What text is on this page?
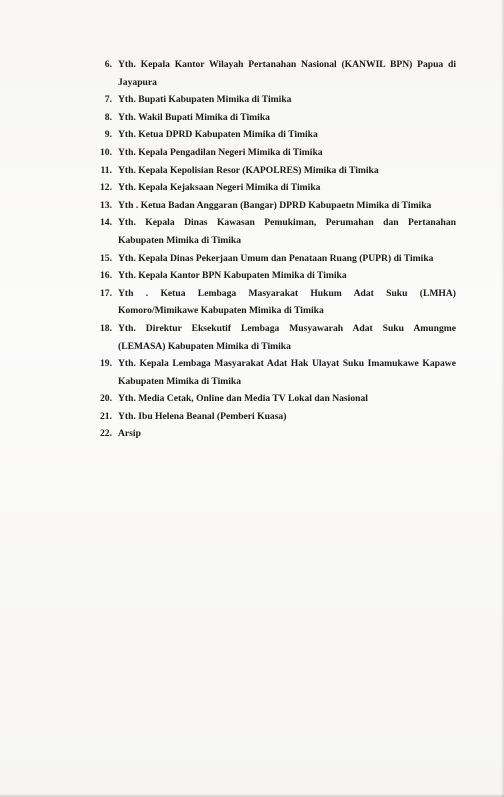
6. Yth. Kepala Kantor Wilayah Pertanahan Nasional (KANWIL BPN) Papua di
Jayapura
7. Yth. Bupati Kabupaten Mimika di Timika
8. Yth. Wakil Bupati Mimika di Timika
9. Yth. Ketua DPRD Kabupaten Mimika di Timika
10. Yth. Kepala Pengadilan Negeri Mimika di Timika
11. Yth. Kepala Kepolisian Resor (KAPOLRES) Mimika di Timika
12. Yth. Kepala Kejaksaan Negeri Mimika di Timika
13. Yth . Ketua Badan Anggaran (Bangar) DPRD Kabupaetn Mimika di Timika
14. Yth. Kepala Dinas Kawasan Pemukiman, Perumahan dan Pertanahan
Kabupaten Mimika di Timika
15. Yth. Kepala Dinas Pekerjaan Umum dan Penataan Ruang (PUPR) di Timika
16. Yth. Kepala Kantor BPN Kabupaten Mimika di Timika
17. Yth . Ketua Lembaga Masyarakat Hukum Adat Suku (LMHA)
Komoro/Mimikawe Kabupaten Mimika di Timika
18. Yth. Direktur Eksekutif Lembaga Musyawarah Adat Suku Amungme
(LEMASA) Kabupaten Mimika di Timika
19. Yth. Kepala Lembaga Masyarakat Adat Hak Ulayat Suku Imamukawe Kapawe
Kabupaten Mimika di Timika
20. Yth. Media Cetak, Online dan Media TV Lokal dan Nasional
21. Yth. Ibu Helena Beanal (Pemberi Kuasa)
22. Arsip
